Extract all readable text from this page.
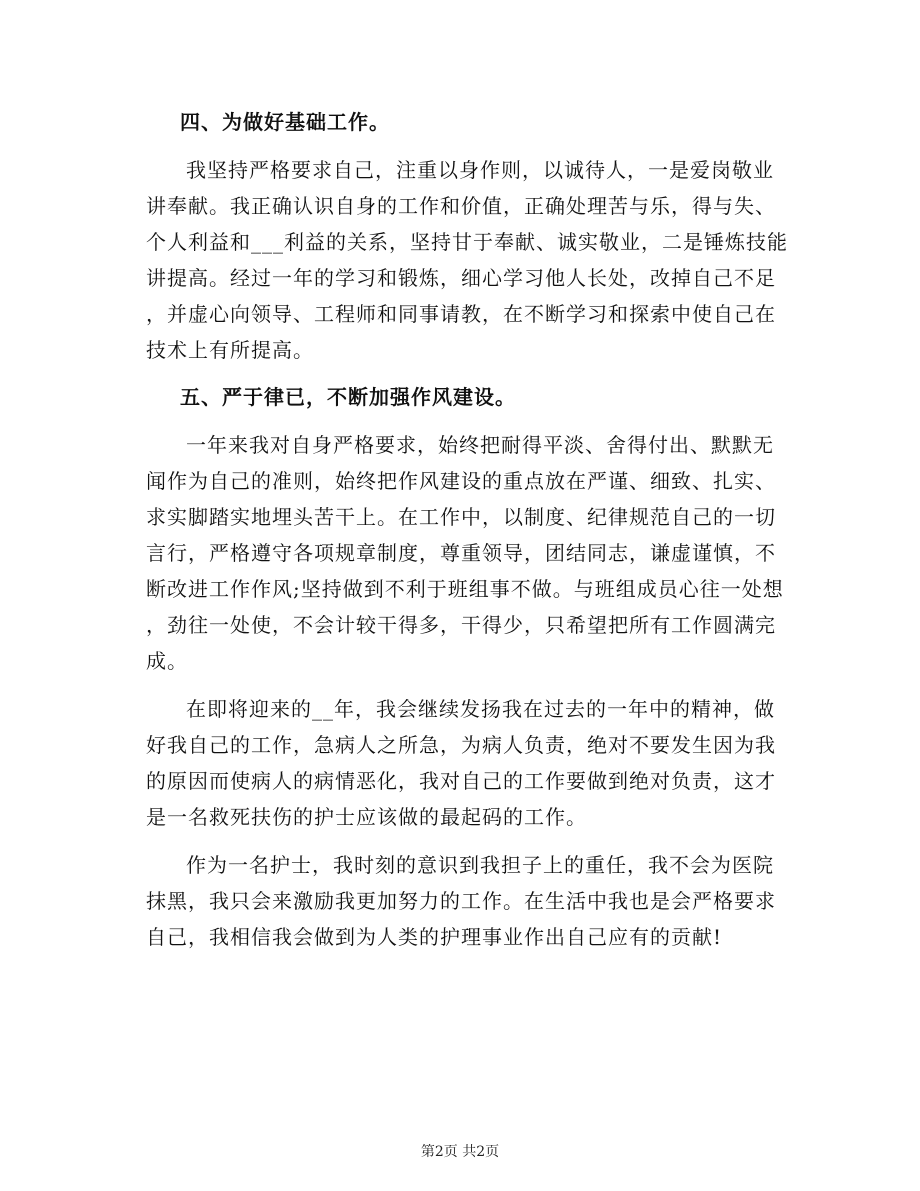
四、为做好基础工作。

我坚持严格要求自己，注重以身作则，以诚待人，一是爱岗敬业
讲奉献。我正确认识自身的工作和价值，正确处理苦与乐，得与失、
个人利益和___利益的关系，坚持甘于奉献、诚实敬业，二是锤炼技能
讲提高。经过一年的学习和锻炼，细心学习他人长处，改掉自己不足
，并虚心向领导、工程师和同事请教，在不断学习和探索中使自己在
技术上有所提高。

五、严于律已，不断加强作风建设。

一年来我对自身严格要求，始终把耐得平淡、舍得付出、默默无
闻作为自己的准则，始终把作风建设的重点放在严谨、细致、扎实、
求实脚踏实地埋头苦干上。在工作中，以制度、纪律规范自己的一切
言行，严格遵守各项规章制度，尊重领导，团结同志，谦虚谨慎，不
断改进工作作风;坚持做到不利于班组事不做。与班组成员心往一处想
，劲往一处使，不会计较干得多，干得少，只希望把所有工作圆满完
成。

在即将迎来的__年，我会继续发扬我在过去的一年中的精神，做
好我自己的工作，急病人之所急，为病人负责，绝对不要发生因为我
的原因而使病人的病情恶化，我对自己的工作要做到绝对负责，这才
是一名救死扶伤的护士应该做的最起码的工作。

作为一名护士，我时刻的意识到我担子上的重任，我不会为医院
抹黑，我只会来激励我更加努力的工作。在生活中我也是会严格要求
自己，我相信我会做到为人类的护理事业作出自己应有的贡献!

第2页 共2页
